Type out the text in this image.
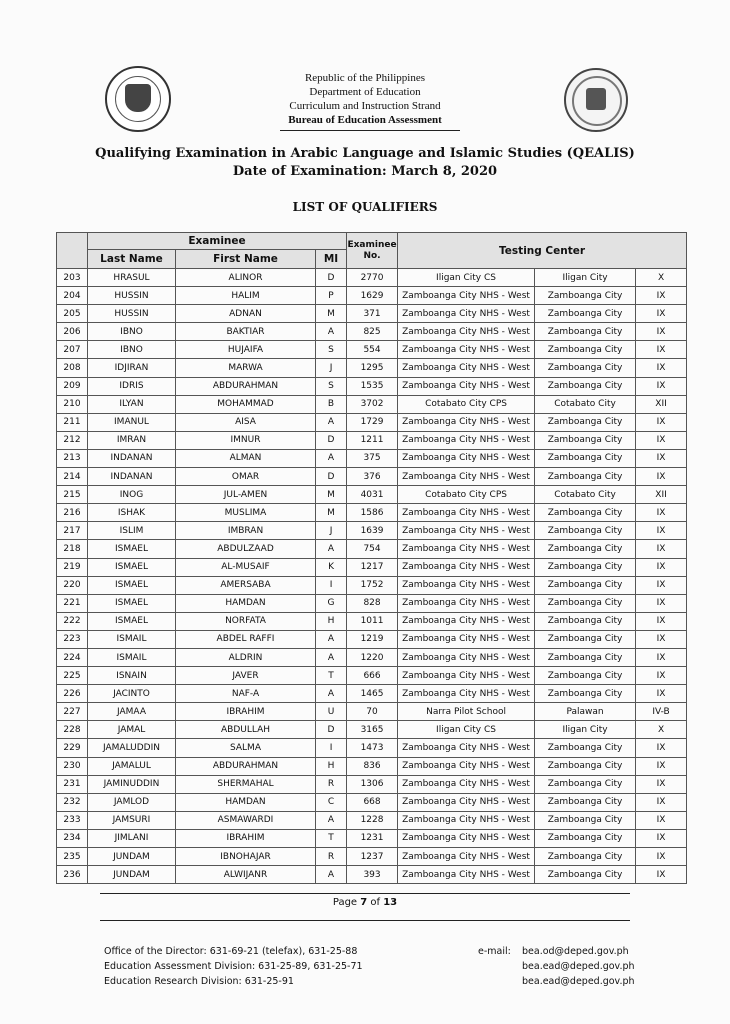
Republic of the Philippines
Department of Education
Curriculum and Instruction Strand
Bureau of Education Assessment
Qualifying Examination in Arabic Language and Islamic Studies (QEALIS)
Date of Examination: March 8, 2020
LIST OF QUALIFIERS
	Examinee			Examinee No.	Testing Center		
	Last Name	First Name	MI				
203	HRASUL	ALINOR	D	2770	Iligan City CS	Iligan City	X
204	HUSSIN	HALIM	P	1629	Zamboanga City NHS - West	Zamboanga City	IX
205	HUSSIN	ADNAN	M	371	Zamboanga City NHS - West	Zamboanga City	IX
206	IBNO	BAKTIAR	A	825	Zamboanga City NHS - West	Zamboanga City	IX
207	IBNO	HUJAIFA	S	554	Zamboanga City NHS - West	Zamboanga City	IX
208	IDJIRAN	MARWA	J	1295	Zamboanga City NHS - West	Zamboanga City	IX
209	IDRIS	ABDURAHMAN	S	1535	Zamboanga City NHS - West	Zamboanga City	IX
210	ILYAN	MOHAMMAD	B	3702	Cotabato City CPS	Cotabato City	XII
211	IMANUL	AISA	A	1729	Zamboanga City NHS - West	Zamboanga City	IX
212	IMRAN	IMNUR	D	1211	Zamboanga City NHS - West	Zamboanga City	IX
213	INDANAN	ALMAN	A	375	Zamboanga City NHS - West	Zamboanga City	IX
214	INDANAN	OMAR	D	376	Zamboanga City NHS - West	Zamboanga City	IX
215	INOG	JUL-AMEN	M	4031	Cotabato City CPS	Cotabato City	XII
216	ISHAK	MUSLIMA	M	1586	Zamboanga City NHS - West	Zamboanga City	IX
217	ISLIM	IMBRAN	J	1639	Zamboanga City NHS - West	Zamboanga City	IX
218	ISMAEL	ABDULZAAD	A	754	Zamboanga City NHS - West	Zamboanga City	IX
219	ISMAEL	AL-MUSAIF	K	1217	Zamboanga City NHS - West	Zamboanga City	IX
220	ISMAEL	AMERSABA	I	1752	Zamboanga City NHS - West	Zamboanga City	IX
221	ISMAEL	HAMDAN	G	828	Zamboanga City NHS - West	Zamboanga City	IX
222	ISMAEL	NORFATA	H	1011	Zamboanga City NHS - West	Zamboanga City	IX
223	ISMAIL	ABDEL RAFFI	A	1219	Zamboanga City NHS - West	Zamboanga City	IX
224	ISMAIL	ALDRIN	A	1220	Zamboanga City NHS - West	Zamboanga City	IX
225	ISNAIN	JAVER	T	666	Zamboanga City NHS - West	Zamboanga City	IX
226	JACINTO	NAF-A	A	1465	Zamboanga City NHS - West	Zamboanga City	IX
227	JAMAA	IBRAHIM	U	70	Narra Pilot School	Palawan	IV-B
228	JAMAL	ABDULLAH	D	3165	Iligan City CS	Iligan City	X
229	JAMALUDDIN	SALMA	I	1473	Zamboanga City NHS - West	Zamboanga City	IX
230	JAMALUL	ABDURAHMAN	H	836	Zamboanga City NHS - West	Zamboanga City	IX
231	JAMINUDDIN	SHERMAHAL	R	1306	Zamboanga City NHS - West	Zamboanga City	IX
232	JAMLOD	HAMDAN	C	668	Zamboanga City NHS - West	Zamboanga City	IX
233	JAMSURI	ASMAWARDI	A	1228	Zamboanga City NHS - West	Zamboanga City	IX
234	JIMLANI	IBRAHIM	T	1231	Zamboanga City NHS - West	Zamboanga City	IX
235	JUNDAM	IBNOHAJAR	R	1237	Zamboanga City NHS - West	Zamboanga City	IX
236	JUNDAM	ALWIJANR	A	393	Zamboanga City NHS - West	Zamboanga City	IX
Page 7 of 13
Office of the Director: 631-69-21 (telefax), 631-25-88
Education Assessment Division: 631-25-89, 631-25-71
Education Research Division: 631-25-91
e-mail: bea.od@deped.gov.ph
bea.ead@deped.gov.ph
bea.ead@deped.gov.ph
